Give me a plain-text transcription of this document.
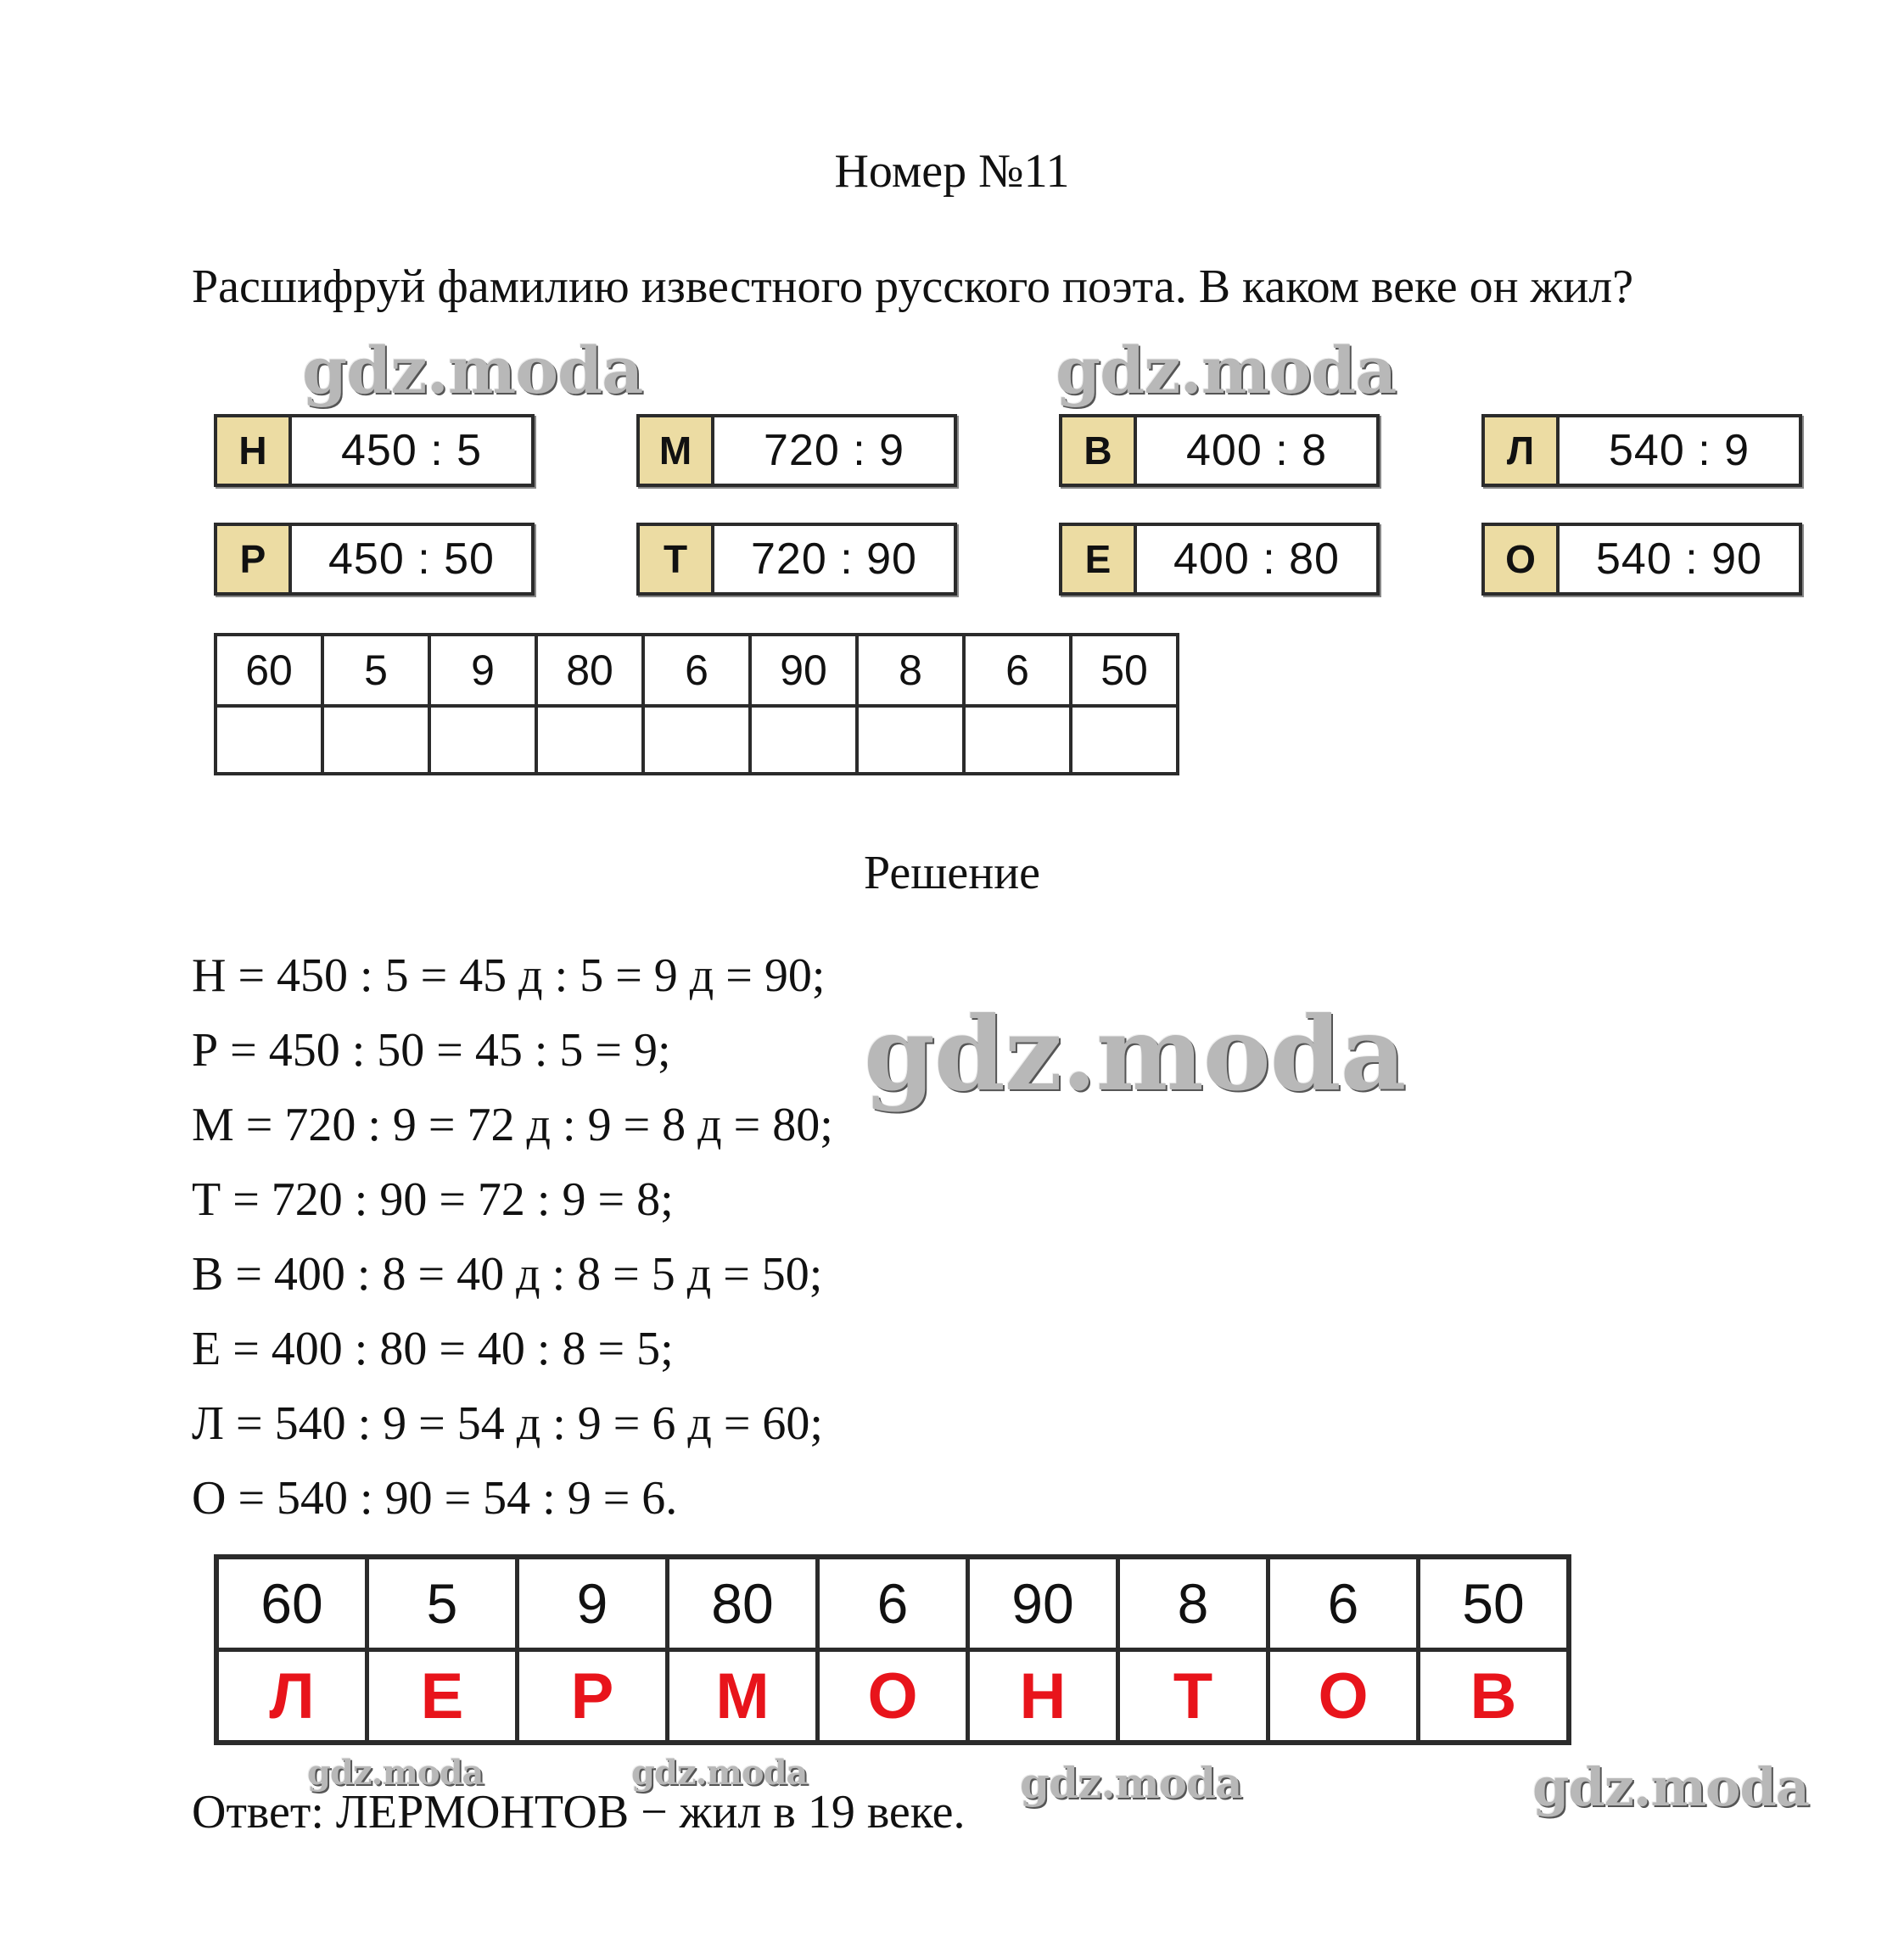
Номер №11
Расшифруй фамилию известного русского поэта. В каком веке он жил?
Н	450 : 5	М	720 : 9	В	400 : 8	Л	540 : 9
Р	450 : 50	Т	720 : 90	Е	400 : 80	О	540 : 90
60	5	9	80	6	90	8	6	50

Решение
Н = 450 : 5 = 45 д : 5 = 9 д = 90;
Р = 450 : 50 = 45 : 5 = 9;
М = 720 : 9 = 72 д : 9 = 8 д = 80;
Т = 720 : 90 = 72 : 9 = 8;
В = 400 : 8 = 40 д : 8 = 5 д = 50;
Е = 400 : 80 = 40 : 8 = 5;
Л = 540 : 9 = 54 д : 9 = 6 д = 60;
О = 540 : 90 = 54 : 9 = 6.
60	5	9	80	6	90	8	6	50
Л	Е	Р	М	О	Н	Т	О	В
Ответ: ЛЕРМОНТОВ − жил в 19 веке.
gdz.moda	gdz.moda
gdz.moda
gdz.moda	gdz.moda	gdz.moda	gdz.moda
